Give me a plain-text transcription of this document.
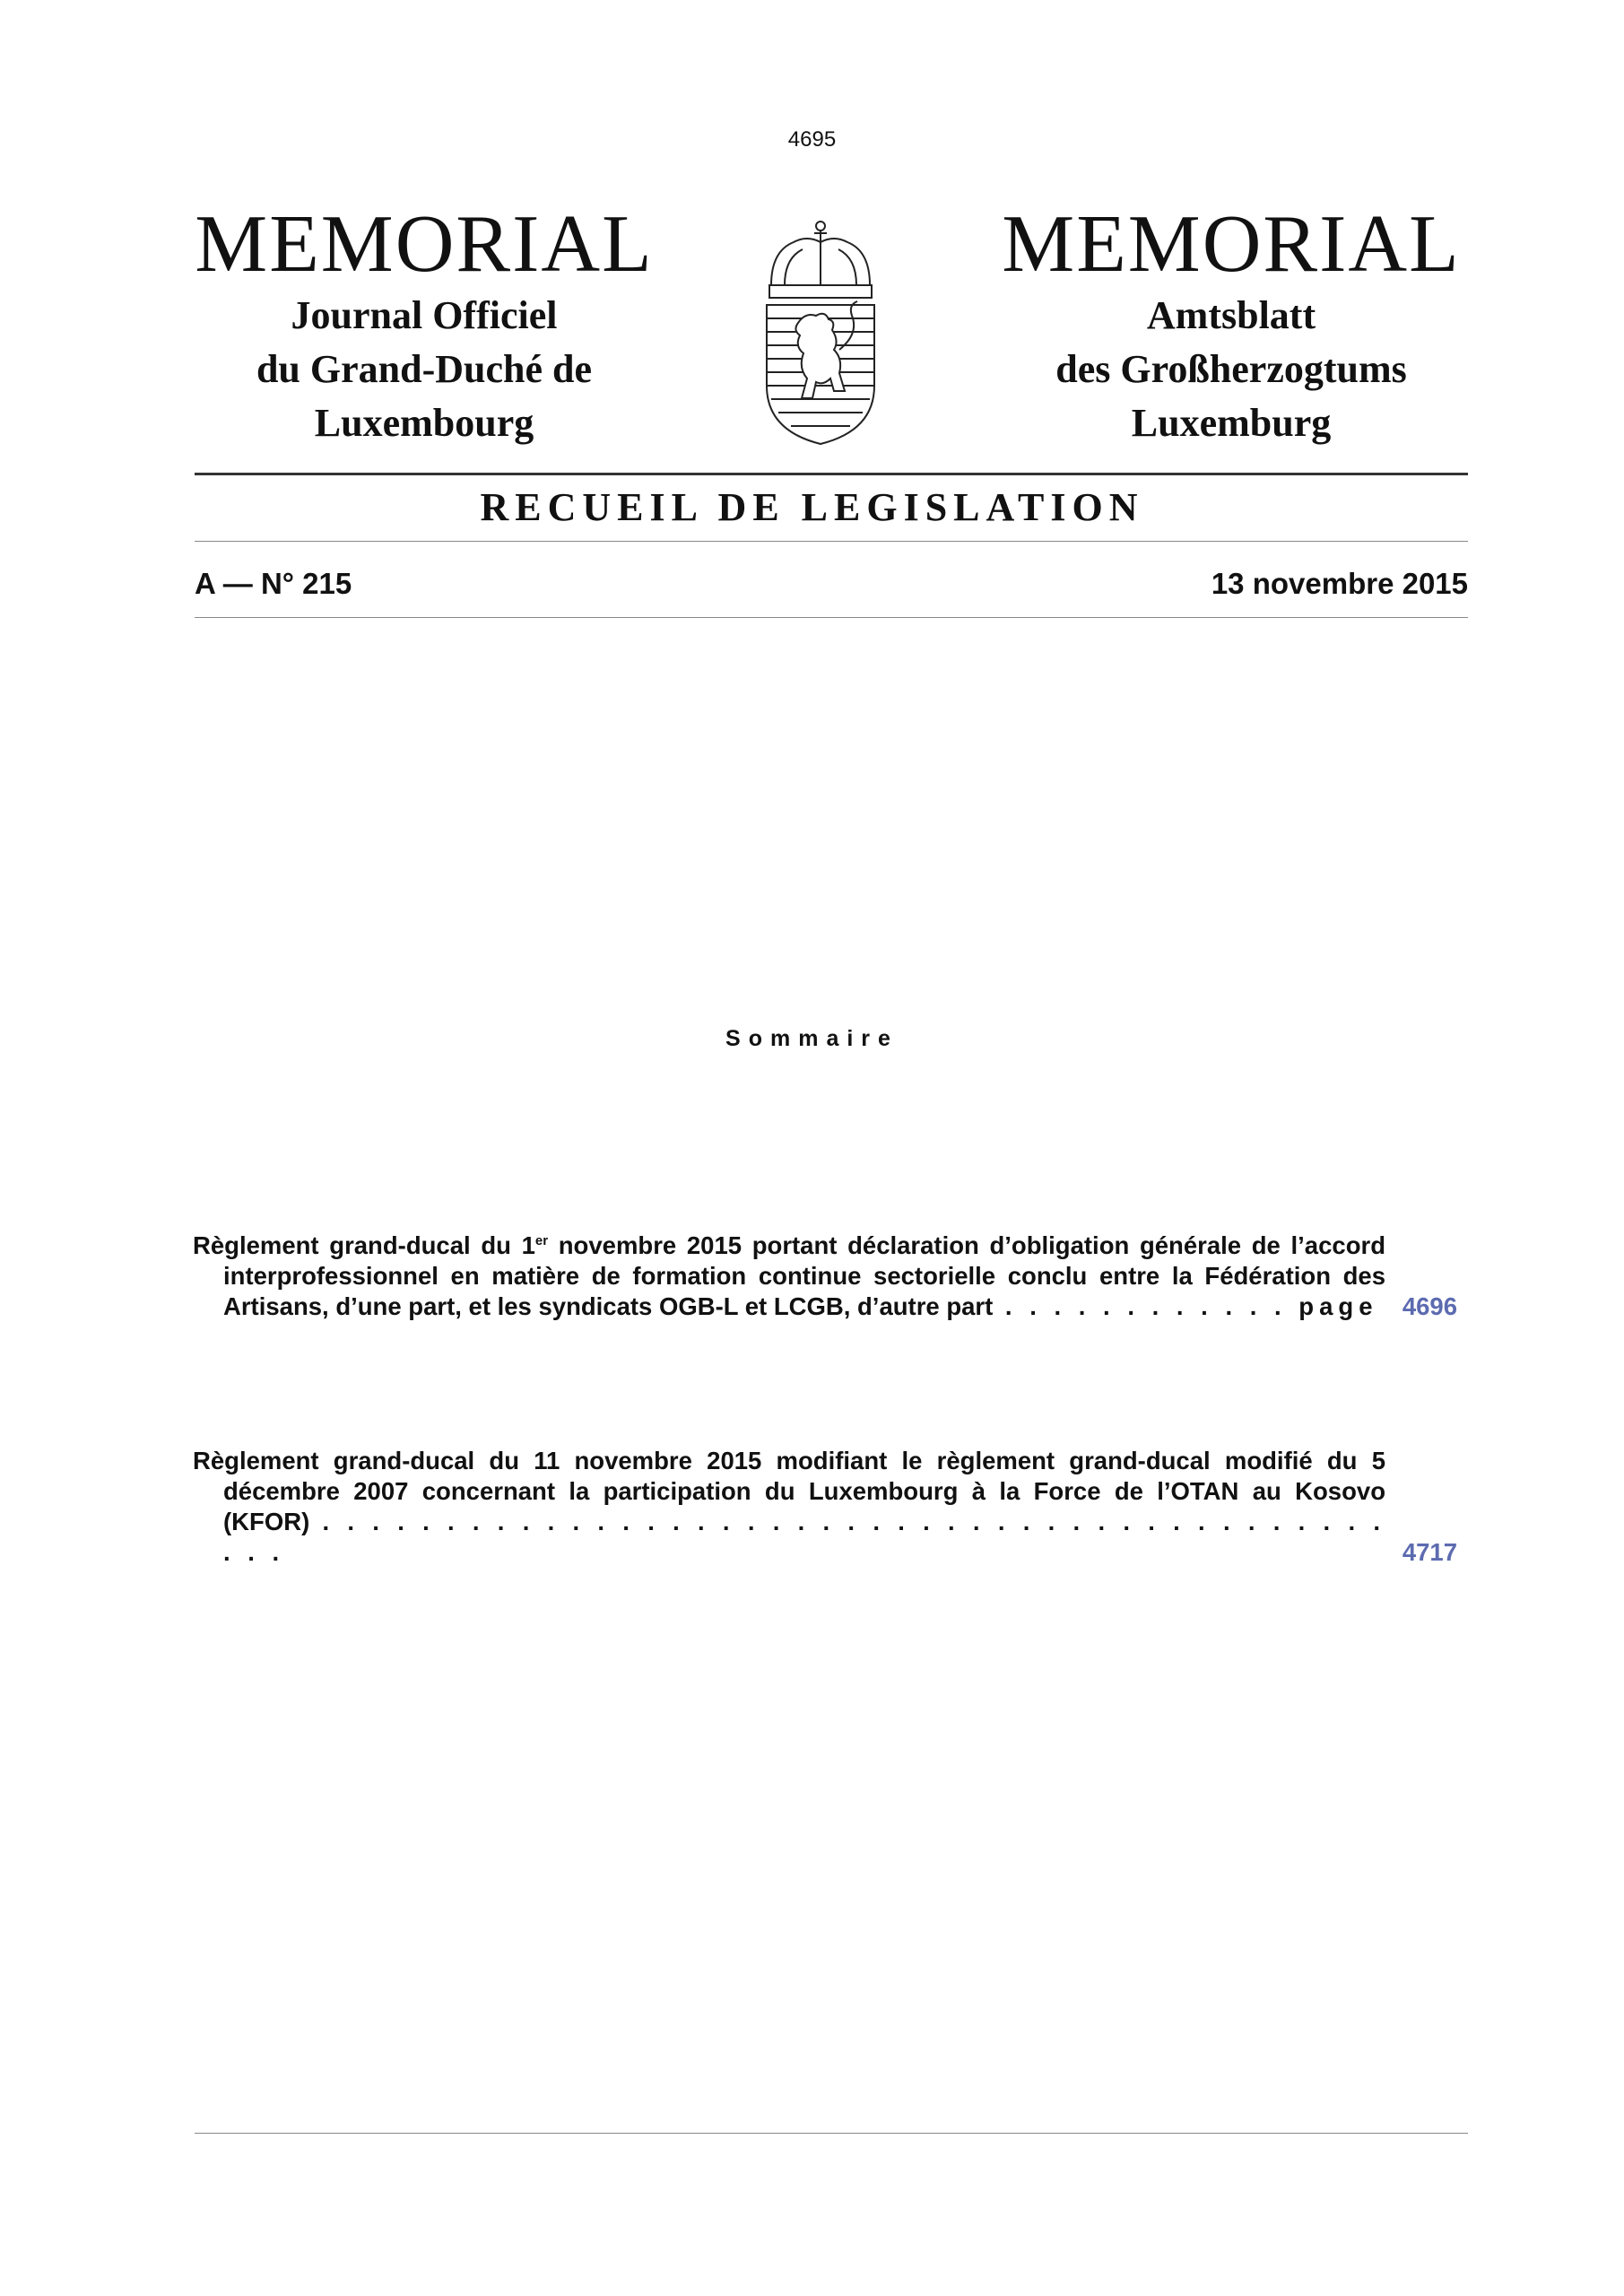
4695
MEMORIAL
Journal Officiel
du Grand-Duché de
Luxembourg
MEMORIAL
Amtsblatt
des Großherzogtums
Luxemburg
RECUEIL DE LEGISLATION
A — N° 215	13 novembre 2015
Sommaire
Règlement grand-ducal du 1er novembre 2015 portant déclaration d’obligation générale de l’accord interprofessionnel en matière de formation continue sectorielle conclu entre la Fédération des Artisans, d’une part, et les syndicats OGB-L et LCGB, d’autre part . . . . . . . . . . . . page 4696
Règlement grand-ducal du 11 novembre 2015 modifiant le règlement grand-ducal modifié du 5 décembre 2007 concernant la participation du Luxembourg à la Force de l’OTAN au Kosovo (KFOR) . . . . . . . . . . . . . . . . . . . . . . . . . . . . . . . . . . . . . . . . . . . . . .	4717
